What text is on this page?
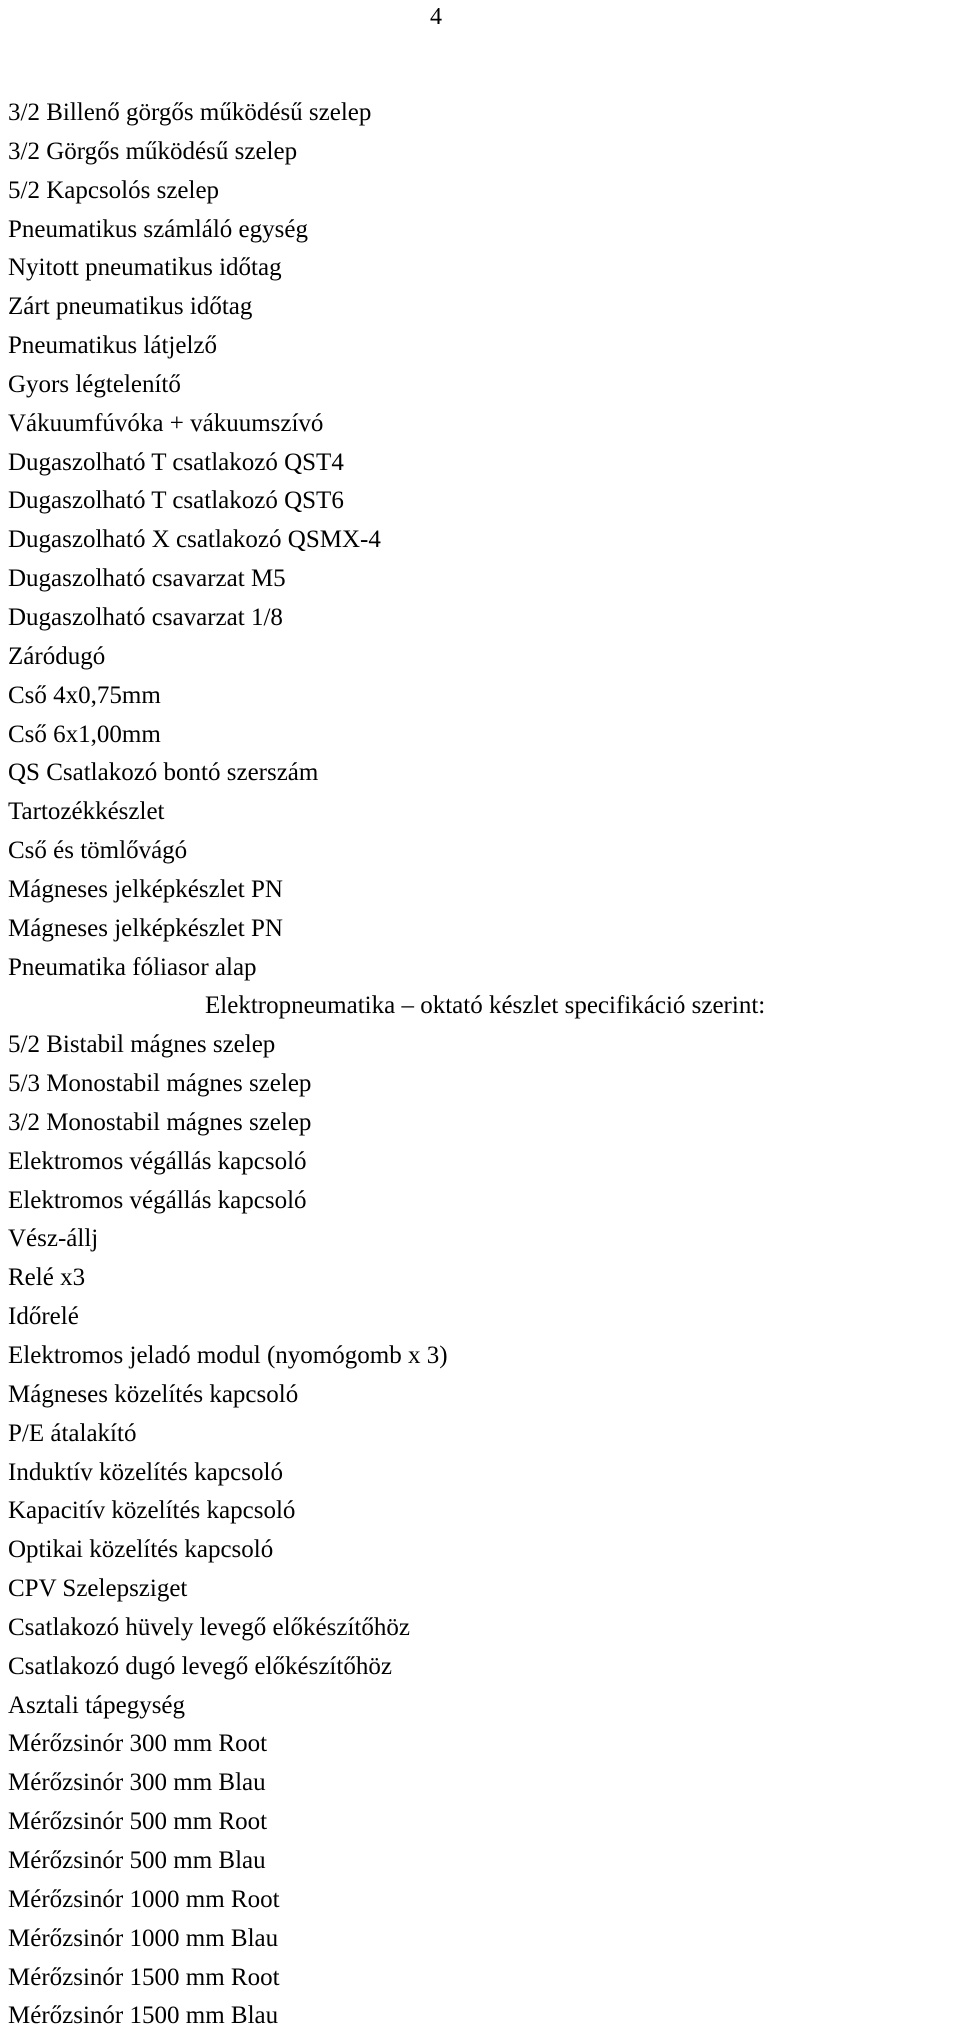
4
3/2 Billenő görgős működésű szelep
3/2 Görgős működésű szelep
5/2 Kapcsolós szelep
Pneumatikus számláló egység
Nyitott pneumatikus időtag
Zárt pneumatikus időtag
Pneumatikus látjelző
Gyors légtelenítő
Vákuumfúvóka + vákuumszívó
Dugaszolható T csatlakozó QST4
Dugaszolható T csatlakozó QST6
Dugaszolható X csatlakozó QSMX-4
Dugaszolható csavarzat M5
Dugaszolható csavarzat 1/8
Záródugó
Cső 4x0,75mm
Cső 6x1,00mm
QS Csatlakozó bontó szerszám
Tartozékkészlet
Cső és tömlővágó
Mágneses jelképkészlet PN
Mágneses jelképkészlet PN
Pneumatika fóliasor alap
Elektropneumatika – oktató készlet specifikáció szerint:
5/2 Bistabil mágnes szelep
5/3 Monostabil mágnes szelep
3/2 Monostabil mágnes szelep
Elektromos végállás kapcsoló
Elektromos végállás kapcsoló
Vész-állj
Relé x3
Időrelé
Elektromos jeladó modul (nyomógomb x 3)
Mágneses közelítés kapcsoló
P/E átalakító
Induktív közelítés kapcsoló
Kapacitív közelítés kapcsoló
Optikai közelítés kapcsoló
CPV Szelepsziget
Csatlakozó hüvely levegő előkészítőhöz
Csatlakozó dugó levegő előkészítőhöz
Asztali tápegység
Mérőzsinór 300 mm Root
Mérőzsinór 300 mm Blau
Mérőzsinór 500 mm Root
Mérőzsinór 500 mm Blau
Mérőzsinór 1000 mm Root
Mérőzsinór 1000 mm Blau
Mérőzsinór 1500 mm Root
Mérőzsinór 1500 mm Blau
